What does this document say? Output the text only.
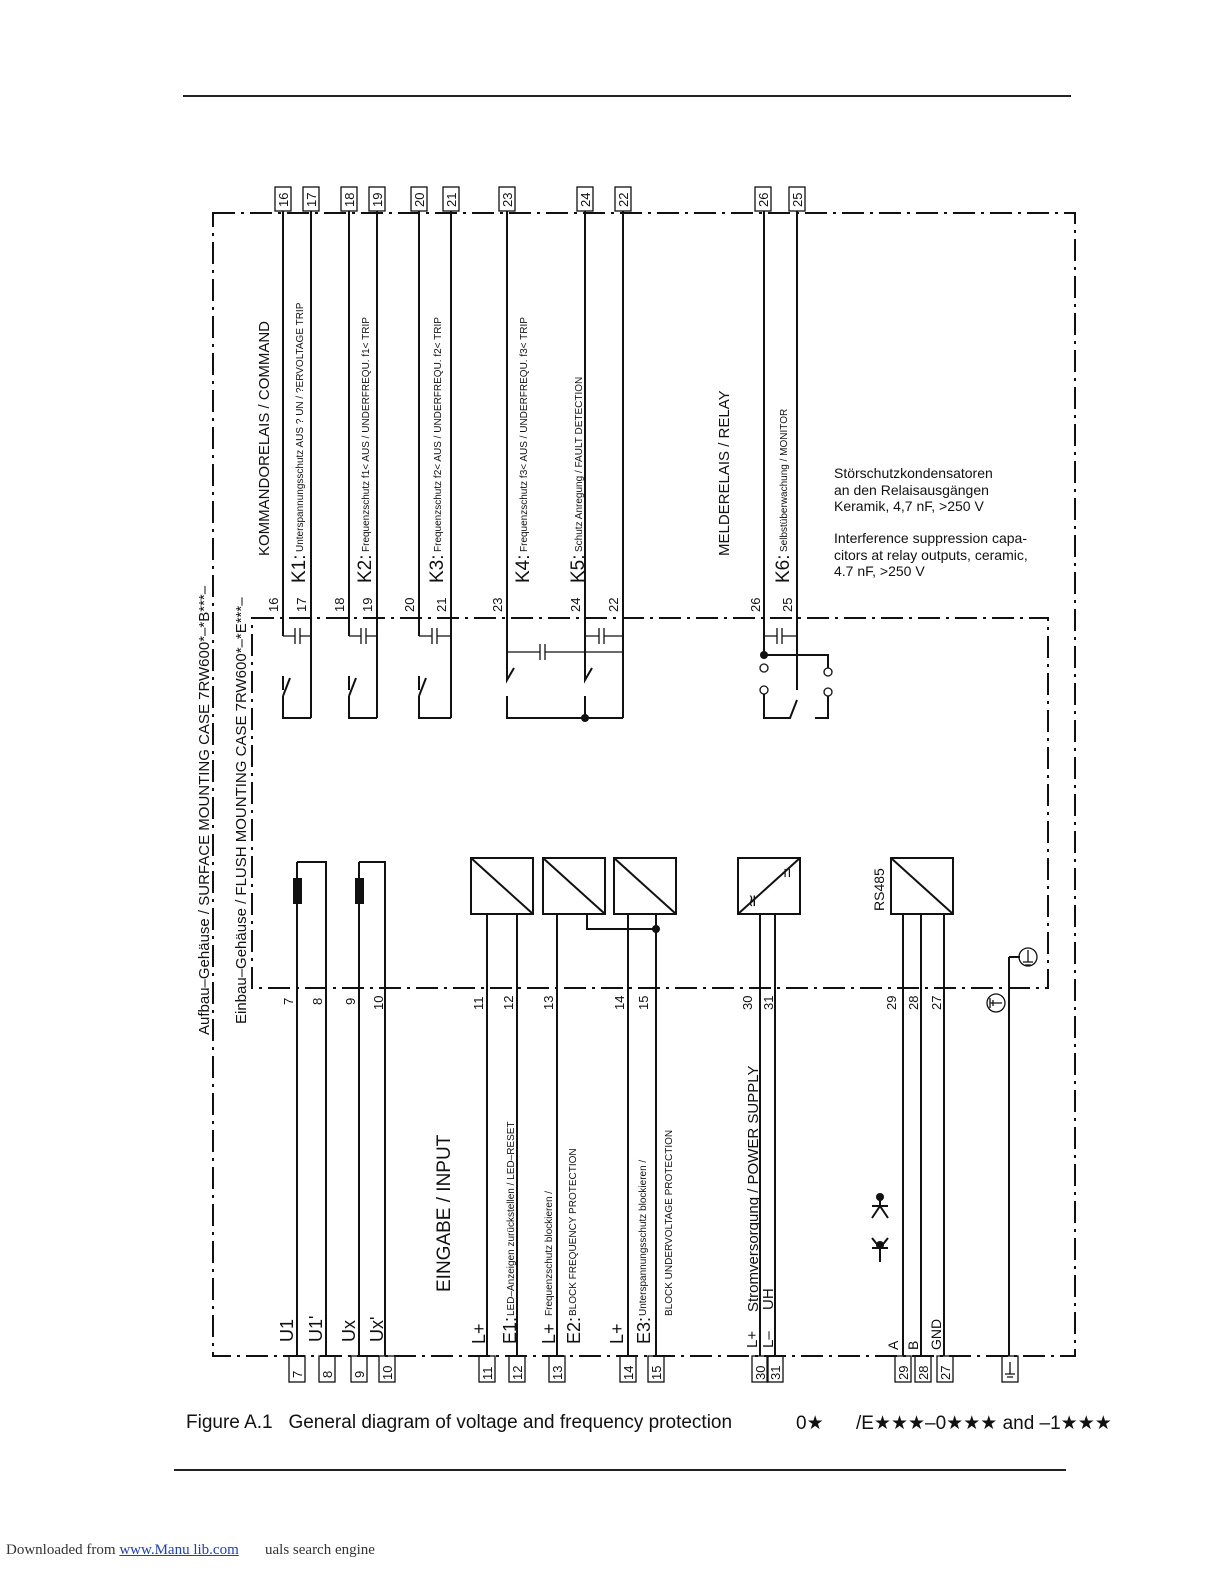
16 17 18 19 20 21	23	24 22	26 25
16 17 18 19 20 21	23	24 22	26 25
Aufbau–Gehäuse / SURFACE MOUNTING CASE 7RW600*–*B***– Einbau–Gehäuse / FLUSH MOUNTING CASE 7RW600*–*E***–
KOMMANDORELAIS / COMMAND
K1:
Unterspannungsschutz AUS ? UN / ?ERVOLTAGE TRIP
K2:
Frequenzschutz f1< AUS / UNDERFREQU. f1< TRIP
K3:
Frequenzschutz f2< AUS / UNDERFREQU. f2< TRIP
K4:
Frequenzschutz f3< AUS / UNDERFREQU. f3< TRIP
K5:
Schutz Anregung / FAULT DETECTION	MELDERELAIS / RELAY
K6:
Selbstüberwachung / MONITOR	Störschutzkondensatoren
an den Relaisausgängen
Keramik, 4,7 nF, >250 V
Interference suppression capa-
citors at relay outputs, ceramic,
4.7 nF, >250 V
≃
=	RS485
7 8 9 10	11 12 13	14 15	30 31	29 28 27
EINGABE / INPUT
U1 U1' Ux Ux'	L+ E1:
LED–Anzeigen zurückstellen / LED–RESET
L+
Frequenzschutz blockieren /
E2:
BLOCK FREQUENCY PROTECTION
L+ E3:
Unterspannungsschutz blockieren / BLOCK UNDERVOLTAGE PROTECTION	Stromversorgung / POWER SUPPLY
L+ L–
UH
A B GND
7 8 9 10	11 12 13	14 15	30 31	29 28 27
Figure A.1 General diagram of voltage and frequency protection	0★ /E★★★–0★★★ and –1★★★
Downloaded from www.Manu lib.com uals search engine
